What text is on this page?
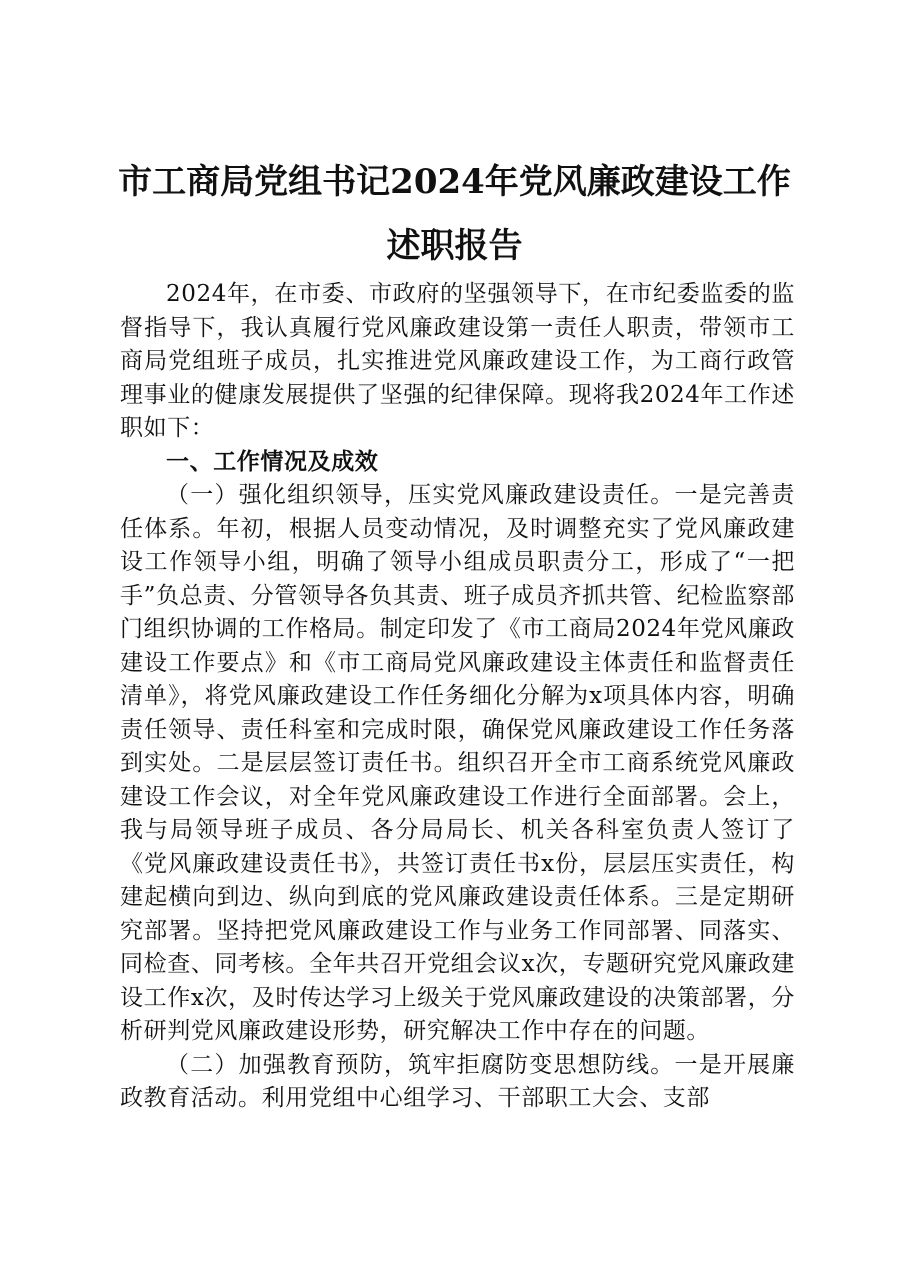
市工商局党组书记2024年党风廉政建设工作
述职报告

2024年，在市委、市政府的坚强领导下，在市纪委监委的监督指导下，我认真履行党风廉政建设第一责任人职责，带领市工商局党组班子成员，扎实推进党风廉政建设工作，为工商行政管理事业的健康发展提供了坚强的纪律保障。现将我2024年工作述职如下：

一、工作情况及成效

（一）强化组织领导，压实党风廉政建设责任。一是完善责任体系。年初，根据人员变动情况，及时调整充实了党风廉政建设工作领导小组，明确了领导小组成员职责分工，形成了“一把手”负总责、分管领导各负其责、班子成员齐抓共管、纪检监察部门组织协调的工作格局。制定印发了《市工商局2024年党风廉政建设工作要点》和《市工商局党风廉政建设主体责任和监督责任清单》，将党风廉政建设工作任务细化分解为x项具体内容，明确责任领导、责任科室和完成时限，确保党风廉政建设工作任务落到实处。二是层层签订责任书。组织召开全市工商系统党风廉政建设工作会议，对全年党风廉政建设工作进行全面部署。会上，我与局领导班子成员、各分局局长、机关各科室负责人签订了《党风廉政建设责任书》，共签订责任书x份，层层压实责任，构建起横向到边、纵向到底的党风廉政建设责任体系。三是定期研究部署。坚持把党风廉政建设工作与业务工作同部署、同落实、同检查、同考核。全年共召开党组会议x次，专题研究党风廉政建设工作x次，及时传达学习上级关于党风廉政建设的决策部署，分析研判党风廉政建设形势，研究解决工作中存在的问题。

（二）加强教育预防，筑牢拒腐防变思想防线。一是开展廉政教育活动。利用党组中心组学习、干部职工大会、支部
